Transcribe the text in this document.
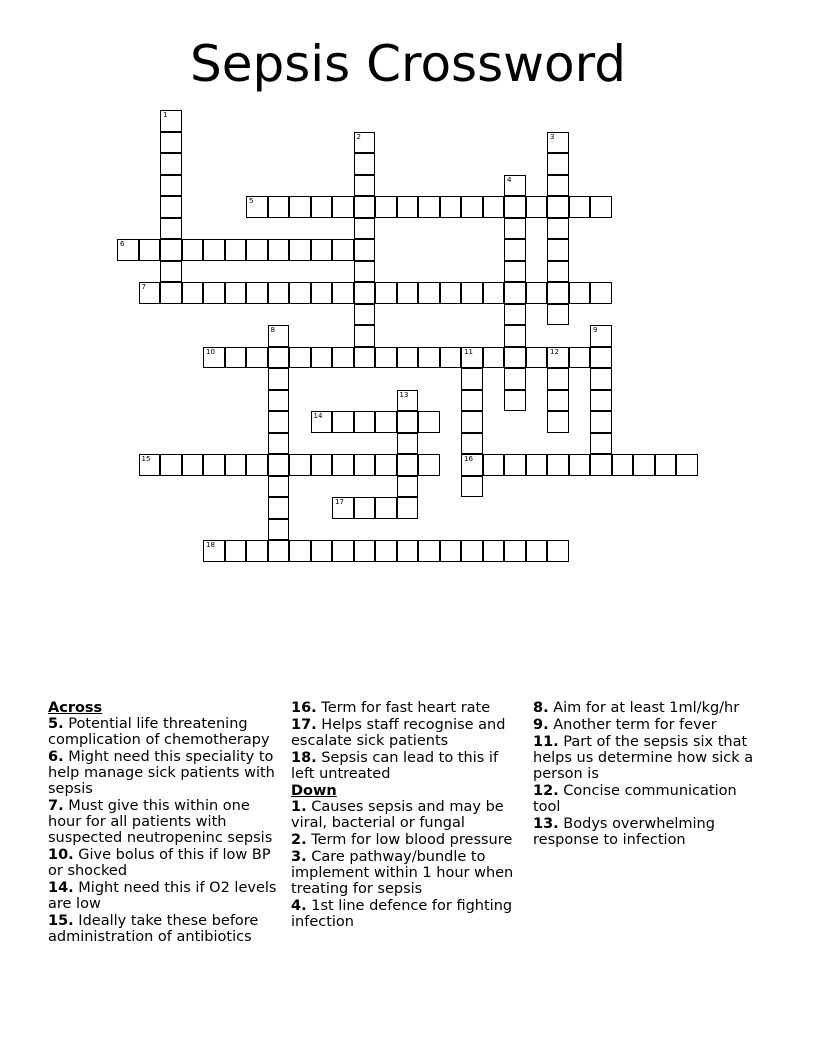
Sepsis Crossword
1
2	3
4
5
6
7
8	9
10	11	12
16
13
14
15
17
18
Across
5. Potential life threatening complication of chemotherapy
6. Might need this speciality to help manage sick patients with sepsis
7. Must give this within one hour for all patients with suspected neutropeninc sepsis
10. Give bolus of this if low BP or shocked
14. Might need this if O2 levels are low
15. Ideally take these before administration of antibiotics
16. Term for fast heart rate
17. Helps staff recognise and escalate sick patients
18. Sepsis can lead to this if left untreated
Down
1. Causes sepsis and may be viral, bacterial or fungal
2. Term for low blood pressure
3. Care pathway/bundle to implement within 1 hour when treating for sepsis
4. 1st line defence for fighting infection
8. Aim for at least 1ml/kg/hr
9. Another term for fever
11. Part of the sepsis six that helps us determine how sick a person is
12. Concise communication tool
13. Bodys overwhelming response to infection
